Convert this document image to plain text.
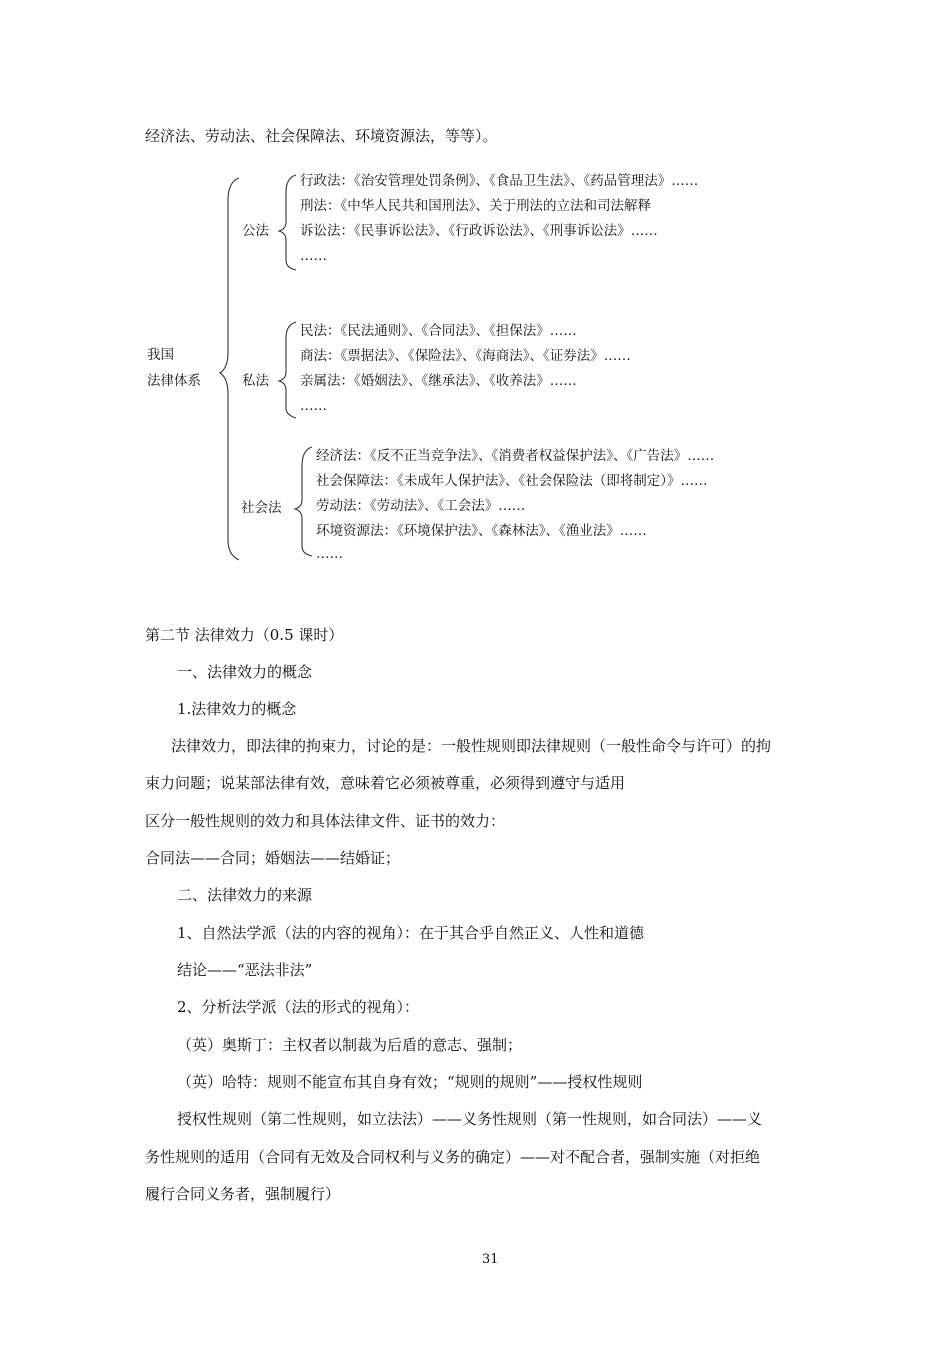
经济法、劳动法、社会保障法、环境资源法，等等）。
我国
法律体系
公法
私法
社会法
行政法：《治安管理处罚条例》、《食品卫生法》、《药品管理法》……
刑法：《中华人民共和国刑法》、关于刑法的立法和司法解释
诉讼法：《民事诉讼法》、《行政诉讼法》、《刑事诉讼法》……
……
民法：《民法通则》、《合同法》、《担保法》……
商法：《票据法》、《保险法》、《海商法》、《证券法》……
亲属法：《婚姻法》、《继承法》、《收养法》……
……
经济法：《反不正当竞争法》、《消费者权益保护法》、《广告法》……
社会保障法：《未成年人保护法》、《社会保险法（即将制定）》……
劳动法：《劳动法》、《工会法》……
环境资源法：《环境保护法》、《森林法》、《渔业法》……
……
第二节 法律效力（0.5 课时）
一、法律效力的概念
1.法律效力的概念
法律效力，即法律的拘束力，讨论的是：一般性规则即法律规则（一般性命令与许可）的拘
束力问题；说某部法律有效，意味着它必须被尊重，必须得到遵守与适用
区分一般性规则的效力和具体法律文件、证书的效力：
合同法——合同；婚姻法——结婚证；
二、法律效力的来源
1、自然法学派（法的内容的视角）：在于其合乎自然正义、人性和道德
结论——“恶法非法”
2、分析法学派（法的形式的视角）：
（英）奥斯丁：主权者以制裁为后盾的意志、强制；
（英）哈特：规则不能宣布其自身有效；“规则的规则”——授权性规则
授权性规则（第二性规则，如立法法）——义务性规则（第一性规则，如合同法）——义
务性规则的适用（合同有无效及合同权利与义务的确定）——对不配合者，强制实施（对拒绝
履行合同义务者，强制履行）
31
